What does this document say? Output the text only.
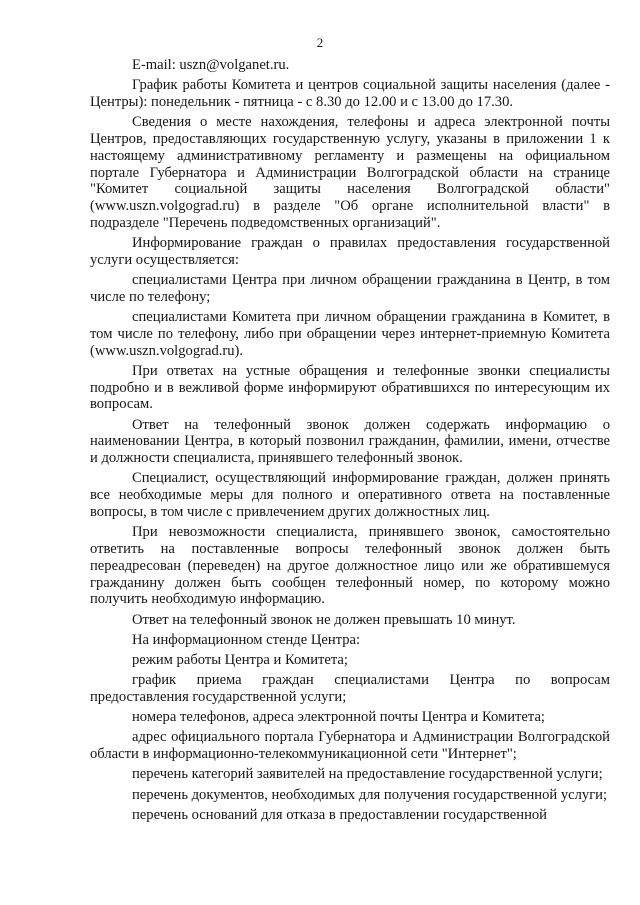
2

E-mail: uszn@volganet.ru.

График работы Комитета и центров социальной защиты населения (далее - Центры): понедельник - пятница - с 8.30 до 12.00 и с 13.00 до 17.30.

Сведения о месте нахождения, телефоны и адреса электронной почты Центров, предоставляющих государственную услугу, указаны в приложении 1 к настоящему административному регламенту и размещены на официальном портале Губернатора и Администрации Волгоградской области на странице "Комитет социальной защиты населения Волгоградской области" (www.uszn.volgograd.ru) в разделе "Об органе исполнительной власти" в подразделе "Перечень подведомственных организаций".

Информирование граждан о правилах предоставления государственной услуги осуществляется:

специалистами Центра при личном обращении гражданина в Центр, в том числе по телефону;

специалистами Комитета при личном обращении гражданина в Комитет, в том числе по телефону, либо при обращении через интернет-приемную Комитета (www.uszn.volgograd.ru).

При ответах на устные обращения и телефонные звонки специалисты подробно и в вежливой форме информируют обратившихся по интересующим их вопросам.

Ответ на телефонный звонок должен содержать информацию о наименовании Центра, в который позвонил гражданин, фамилии, имени, отчестве и должности специалиста, принявшего телефонный звонок.

Специалист, осуществляющий информирование граждан, должен принять все необходимые меры для полного и оперативного ответа на поставленные вопросы, в том числе с привлечением других должностных лиц.

При невозможности специалиста, принявшего звонок, самостоятельно ответить на поставленные вопросы телефонный звонок должен быть переадресован (переведен) на другое должностное лицо или же обратившемуся гражданину должен быть сообщен телефонный номер, по которому можно получить необходимую информацию.

Ответ на телефонный звонок не должен превышать 10 минут.

На информационном стенде Центра:

режим работы Центра и Комитета;

график приема граждан специалистами Центра по вопросам предоставления государственной услуги;

номера телефонов, адреса электронной почты Центра и Комитета;

адрес официального портала Губернатора и Администрации Волгоградской области в информационно-телекоммуникационной сети "Интернет";

перечень категорий заявителей на предоставление государственной услуги;

перечень документов, необходимых для получения государственной услуги;

перечень оснований для отказа в предоставлении государственной
